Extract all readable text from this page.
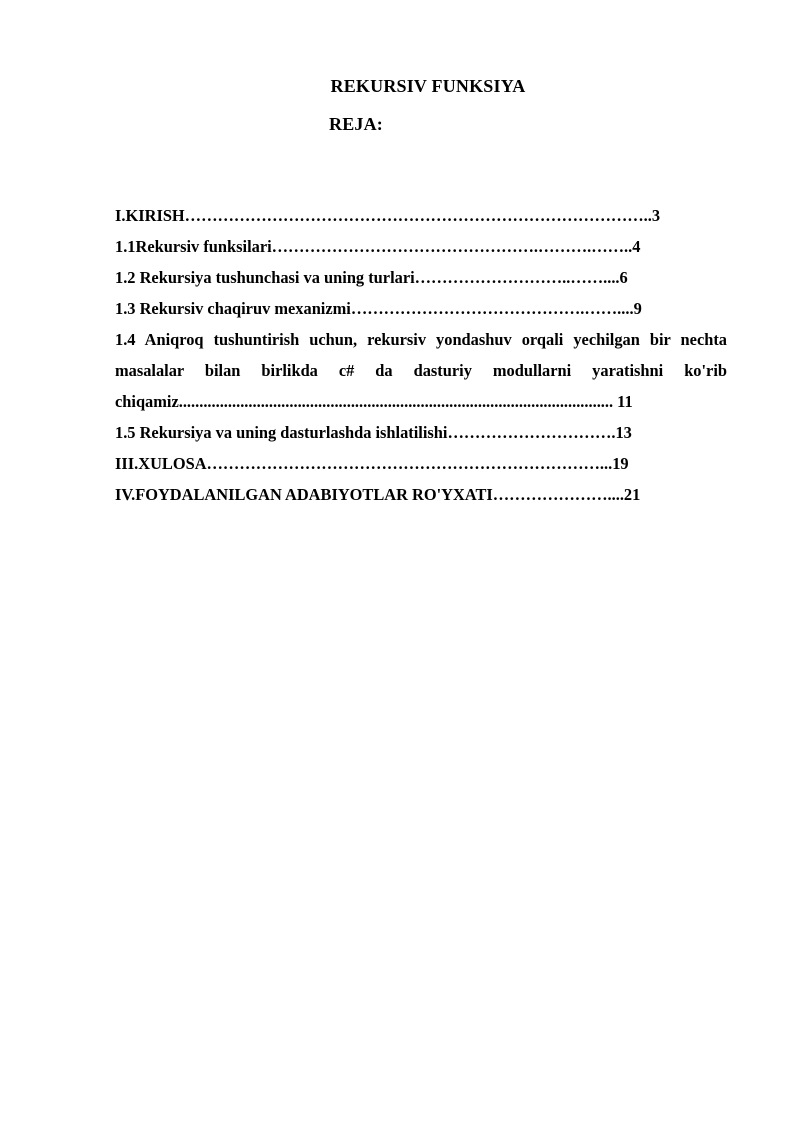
REKURSIV FUNKSIYA
REJA:
I.KIRISH…………………………………………………………………………..3
1.1Rekursiv funksilari………………………………………….……….……..4
1.2 Rekursiya tushunchasi va uning turlari………………………..……....6
1.3 Rekursiv chaqiruv mexanizmi…………………………………….……....9
1.4 Aniqroq tushuntirish uchun, rekursiv yondashuv orqali yechilgan bir nechta masalalar bilan birlikda c# da dasturiy modullarni yaratishni ko'rib chiqamiz.......................................................................................................... 11
1.5 Rekursiya va uning dasturlashda ishlatilishi………………………….13
III.XULOSA………………………………………………………………...19
IV.FOYDALANILGAN ADABIYOTLAR RO'YXATI…………………....21
